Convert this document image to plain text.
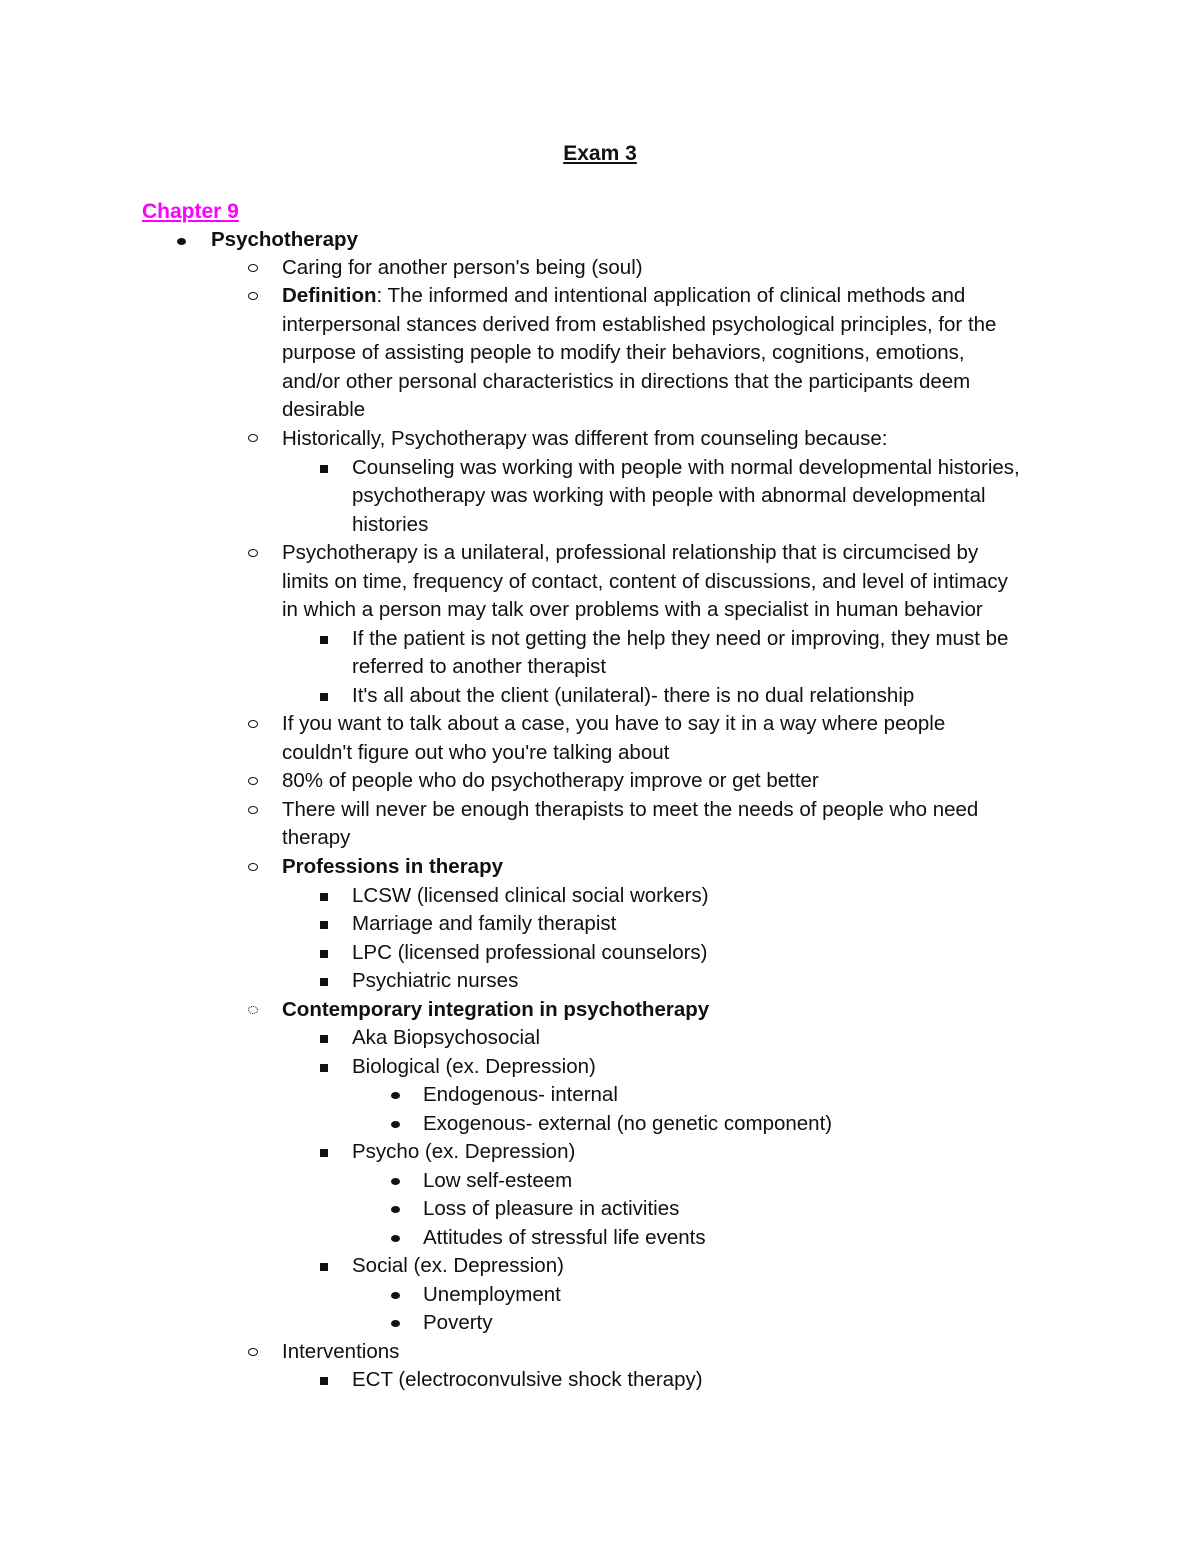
Exam 3
Chapter 9
Psychotherapy
Caring for another person's being (soul)
Definition: The informed and intentional application of clinical methods and
interpersonal stances derived from established psychological principles, for the
purpose of assisting people to modify their behaviors, cognitions, emotions,
and/or other personal characteristics in directions that the participants deem
desirable
Historically, Psychotherapy was different from counseling because:
Counseling was working with people with normal developmental histories,
psychotherapy was working with people with abnormal developmental
histories
Psychotherapy is a unilateral, professional relationship that is circumcised by
limits on time, frequency of contact, content of discussions, and level of intimacy
in which a person may talk over problems with a specialist in human behavior
If the patient is not getting the help they need or improving, they must be
referred to another therapist
It's all about the client (unilateral)- there is no dual relationship
If you want to talk about a case, you have to say it in a way where people
couldn't figure out who you're talking about
80% of people who do psychotherapy improve or get better
There will never be enough therapists to meet the needs of people who need
therapy
Professions in therapy
LCSW (licensed clinical social workers)
Marriage and family therapist
LPC (licensed professional counselors)
Psychiatric nurses
Contemporary integration in psychotherapy
Aka Biopsychosocial
Biological (ex. Depression)
Endogenous- internal
Exogenous- external (no genetic component)
Psycho (ex. Depression)
Low self-esteem
Loss of pleasure in activities
Attitudes of stressful life events
Social (ex. Depression)
Unemployment
Poverty
Interventions
ECT (electroconvulsive shock therapy)
